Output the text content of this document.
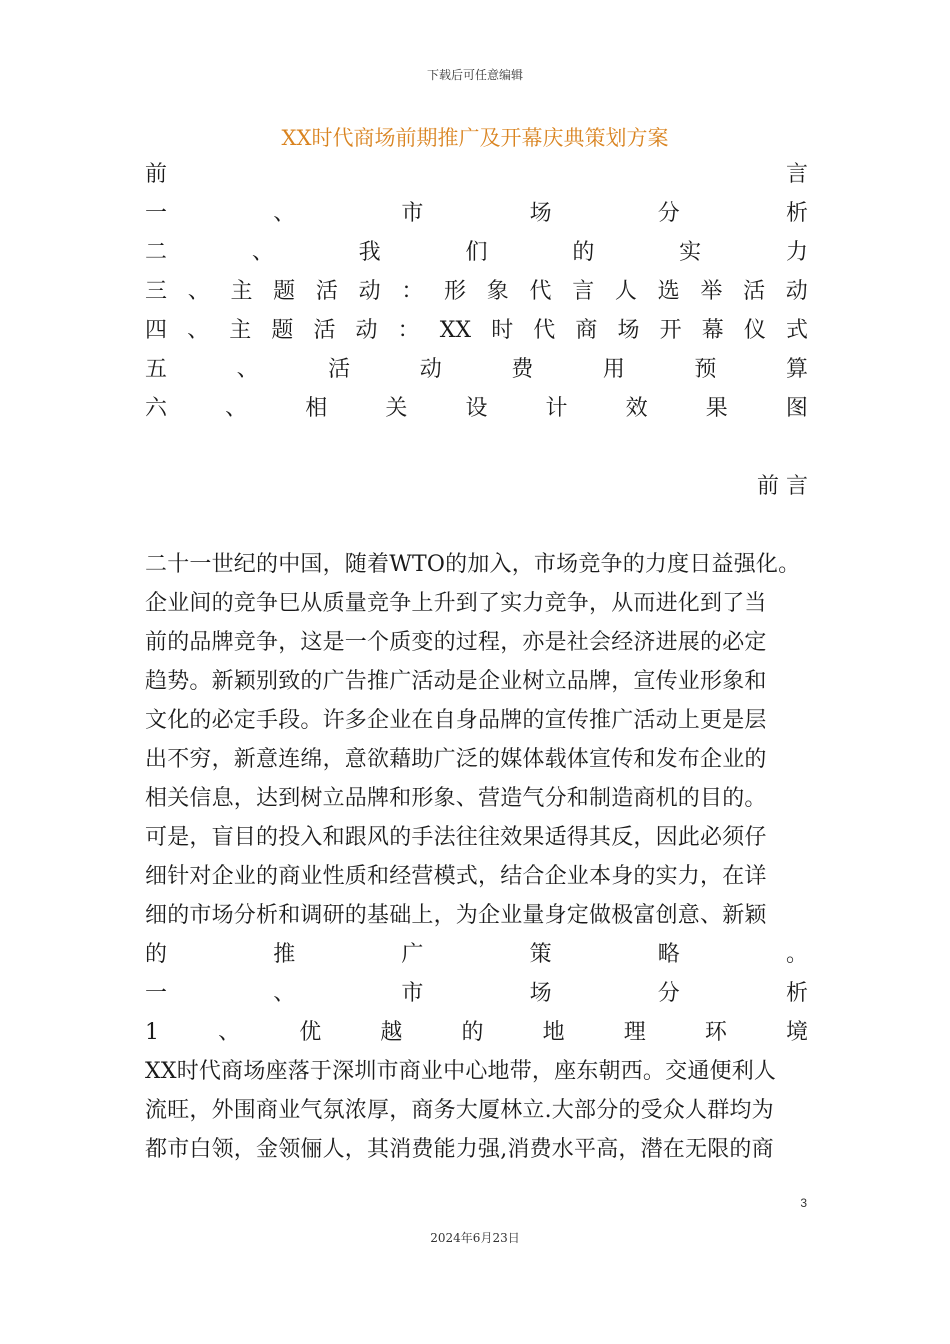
下载后可任意编辑
XX时代商场前期推广及开幕庆典策划方案
前	言
一	、	市	场	分	析
二	、	我	们	的	实	力
三 、 主 题 活 动 ： 形 象 代 言 人 选 举 活 动
四 、 主 题 活 动 ： XX 时 代 商 场 开 幕 仪 式
五	、	活	动	费	用	预	算
六	、	相	关	设	计	效	果	图
前 言
二十一世纪的中国，随着WTO的加入，市场竞争的力度日益强化。
企业间的竞争巳从质量竞争上升到了实力竞争，从而进化到了当
前的品牌竞争，这是一个质变的过程，亦是社会经济进展的必定
趋势。新颖别致的广告推广活动是企业树立品牌，宣传业形象和
文化的必定手段。许多企业在自身品牌的宣传推广活动上更是层
出不穷，新意连绵，意欲藉助广泛的媒体载体宣传和发布企业的
相关信息，达到树立品牌和形象、营造气分和制造商机的目的。
可是，盲目的投入和跟风的手法往往效果适得其反，因此必须仔
细针对企业的商业性质和经营模式，结合企业本身的实力，在详
细的市场分析和调研的基础上，为企业量身定做极富创意、新颖
的	推	广	策	略	。
一	、	市	场	分	析
1	、	优	越	的	地	理	环	境
XX时代商场座落于深圳市商业中心地带，座东朝西。交通便利人
流旺，外围商业气氛浓厚，商务大厦林立.大部分的受众人群均为
都市白领，金领俪人，其消费能力强,消费水平高，潜在无限的商
3
2024年6月23日
